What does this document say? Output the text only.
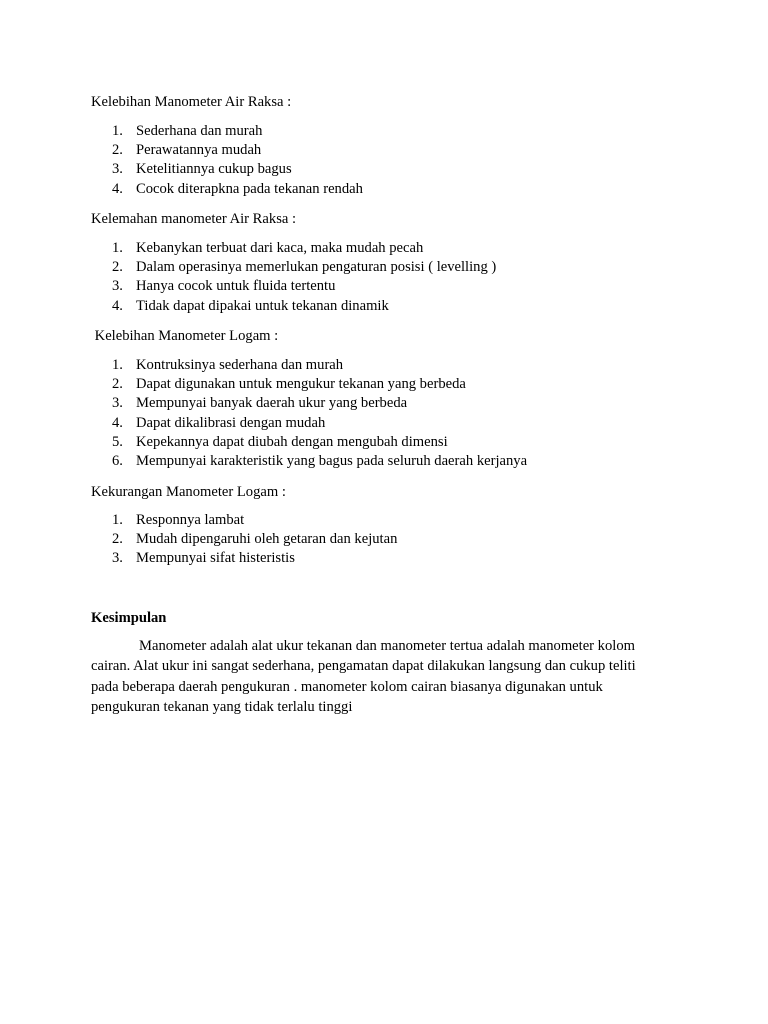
Kelebihan Manometer Air Raksa :

1. Sederhana dan murah
2. Perawatannya mudah
3. Ketelitiannya cukup bagus
4. Cocok diterapkna pada tekanan rendah

Kelemahan manometer Air Raksa :

1. Kebanykan terbuat dari kaca, maka mudah pecah
2. Dalam operasinya memerlukan pengaturan posisi ( levelling )
3. Hanya cocok untuk fluida tertentu
4. Tidak dapat dipakai untuk tekanan dinamik

Kelebihan Manometer Logam :

1. Kontruksinya sederhana dan murah
2. Dapat digunakan untuk mengukur tekanan yang berbeda
3. Mempunyai banyak daerah ukur yang berbeda
4. Dapat dikalibrasi dengan mudah
5. Kepekannya dapat diubah dengan mengubah dimensi
6. Mempunyai karakteristik yang bagus pada seluruh daerah kerjanya

Kekurangan Manometer Logam :

1. Responnya lambat
2. Mudah dipengaruhi oleh getaran dan kejutan
3. Mempunyai sifat histeristis

Kesimpulan

Manometer adalah alat ukur tekanan dan manometer tertua adalah manometer kolom
cairan. Alat ukur ini sangat sederhana, pengamatan dapat dilakukan langsung dan cukup teliti
pada beberapa daerah pengukuran . manometer kolom cairan biasanya digunakan untuk
pengukuran tekanan yang tidak terlalu tinggi
